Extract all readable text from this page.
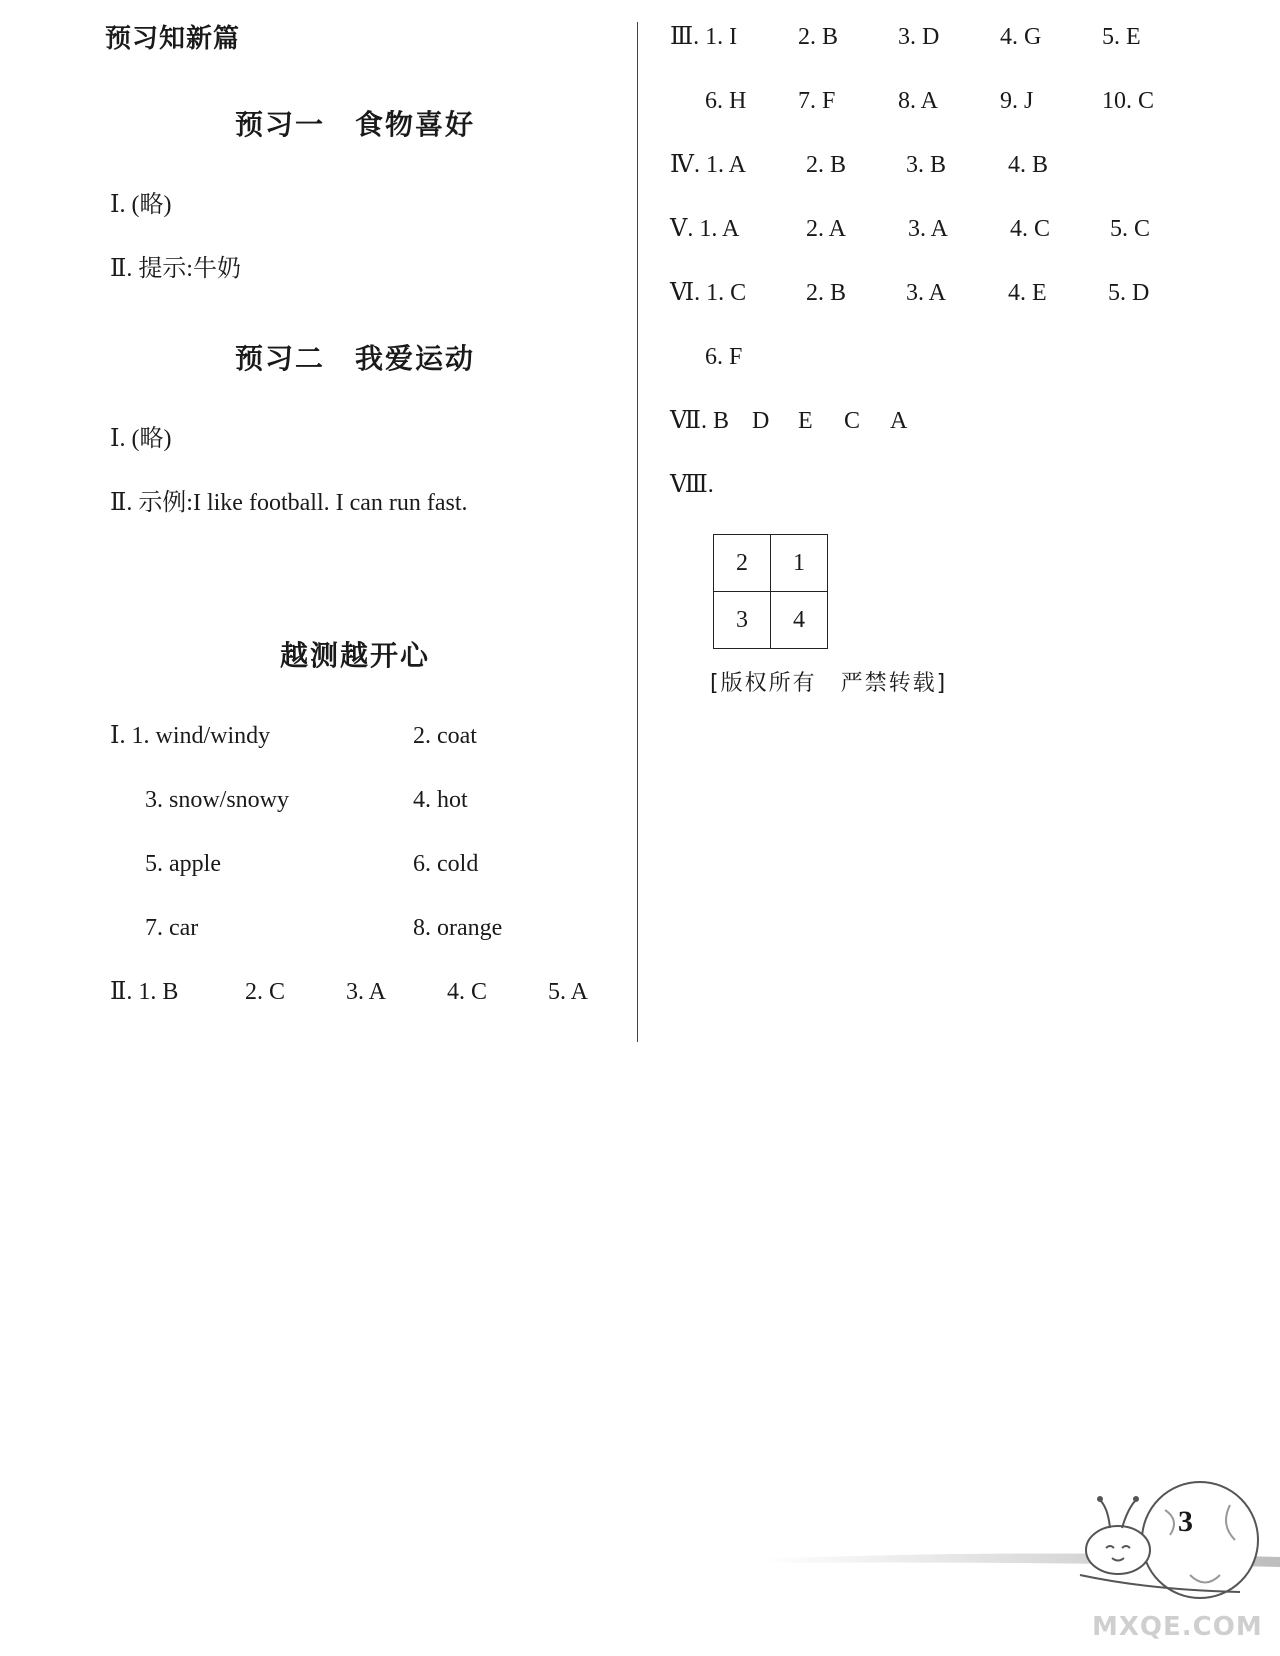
预习知新篇
预习一　食物喜好
Ⅰ. (略)
Ⅱ. 提示:牛奶
预习二　我爱运动
Ⅰ. (略)
Ⅱ. 示例:I like football. I can run fast.
越测越开心
Ⅰ. 1. wind/windy	2. coat
3. snow/snowy	4. hot
5. apple	6. cold
7. car	8. orange
Ⅱ. 1. B	2. C	3. A	4. C	5. A
Ⅲ. 1. I	2. B 3. D	4. G	5. E
6. H 7. F	8. A	9. J	10. C
Ⅳ. 1. A	2. B 3. B	4. B
Ⅴ. 1. A	2. A	3. A	4. C 5. C
Ⅵ. 1. C 2. B 3. A	4. E	5. D
6. F
Ⅶ. B D E C A
Ⅷ.
2	1
3	4
[版权所有　严禁转载]
3
MXQE.COM
